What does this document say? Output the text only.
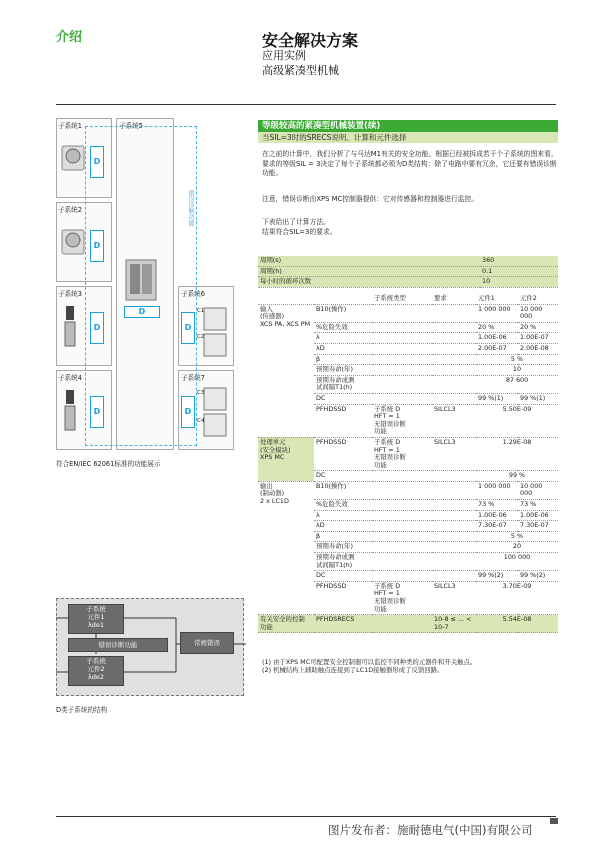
介绍	安全解决方案
应用实例
高级紧凑型机械
子系统1
子系统2
子系统3
子系统4
子系统5
子系统6
子系统7
C1
C2
C3
C4
错误诊断功能
D
D
D
D
D
D
D
符合EN/IEC 62061标准的功能展示
子系统
元件1
λde1
子系统
元件2
λde2
错误诊断功能	常规错误
D类子系统的结构
等级较高的紧凑型机械装置(续)
当SIL=3时的SRECS说明、计算和元件选择
在之前的计算中，我们分析了与马达M1有关的安全功能。根据已经被拆成若干个子系统的图来看，要求的等级SIL = 3决定了每个子系统都必须为D类结构：除了电路中要有冗余，它还要有错误诊断功能。
注意，错误诊断由XPS MC控制器提供：它对传感器和控制器进行监控。
下表给出了计算方法。
结果符合SIL=3的要求。
周期(s)	360
周期(h)	0.1
每小时的循环次数	10
		子系统类型	要求	元件1	元件2
输入
(传感器)
XCS PA, XCS PM	B10(操作)			1 000 000	10 000 000
	%危险失效			20 %	20 %
	λ			1.00E-06	1.00E-07
	λD			2.00E-07	2.00E-08
	β			5 %	
	预期寿命(年)			10	
	预期寿命或测
试间隔T1(h)			87 600	
	DC			99 %(1)	99 %(1)
	PFHDSSD	子系统 D
HFT = 1
无错误诊断
功能	SILCL3	5.50E-09	
处理单元
(安全模块)
XPS MC	PFHDSSD	子系统 D
HFT = 1
无错误诊断
功能	SILCL3	1.29E-08	
	DC			99 %	
输出
(制动器)
2 x LC1D	B10(操作)			1 000 000	10 000 000
	%危险失效			73 %	73 %
	λ			1.00E-06	1.00E-06
	λD			7.30E-07	7.30E-07
	β			5 %	
	预期寿命(年)			20	
	预期寿命或测
试间隔T1(h)			100 000	
	DC			99 %(2)	99 %(2)
	PFHDSSD	子系统 D
HFT = 1
无错误诊断
功能	SILCL3	3.70E-09	
有关安全的控制
功能	PFHDSRECS		10-8 ≤ ... < 10-7	5.54E-08	
(1) 由于XPS MC可配置安全控制器可以监控不同种类的元器件和开关触点。
(2) 机械结构上辅助触点连接到了LC1D接触器形成了反馈回路。
图片发布者：施耐德电气(中国)有限公司
